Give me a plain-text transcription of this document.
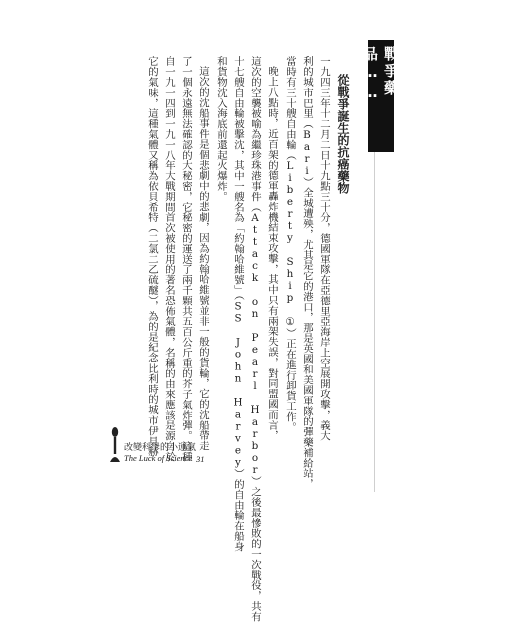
戰爭藥品……
從戰爭誕生的抗癌藥物
一九四三年十二月二日十九點三十分，德國軍隊在亞德里亞海岸上空展開攻擊，義大
利的城市巴里（Bari）全城遭殃，尤其是它的港口，那是英國和美國軍隊的彈藥補給站，
當時有三十艘自由輪（Liberty Ship ①）正在進行卸貨工作。
晚上八點時，近百架的德軍轟炸機結束攻擊，其中只有兩架失誤，對同盟國而言，
這次的空襲被喻為繼珍珠港事件（Attack on Pearl Harbor）之後最慘敗的一次戰役，共有
十七艘自由輪被擊沈，其中一艘名為「約翰哈維號」（SS John Harvey）的自由輪在船身
和貨物沈入海底前還起火爆炸。
這次的沈船事件是個悲劇中的悲劇，因為約翰哈維號並非一般的貨輪，它的沈船帶走
了一個永遠無法確認的大秘密，它秘密的運送了兩千顆共五百公斤重的芥子氣炸彈。這種
自一九一四到一九一八年大戰期間首次被使用的著名恐佈氣體，名稱的由來應該是源自於
它的氣味，這種氣體又稱為依貝希特（二氯二乙硫醚），為的是紀念比利時的城市伊貝赫
改變科學的小運氣
The Luck of Science 31
